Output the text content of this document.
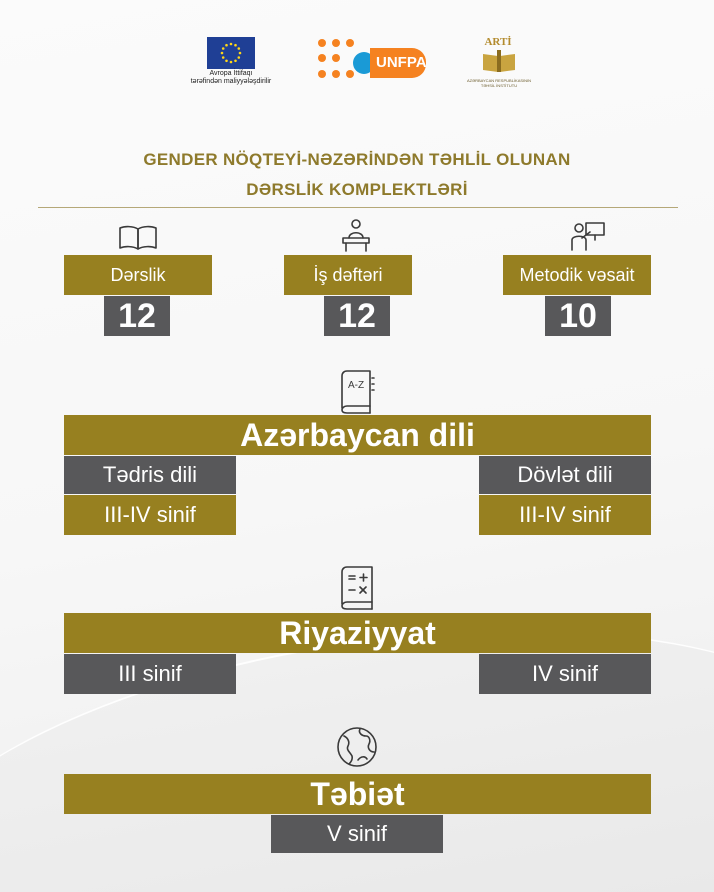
Avropa İttifaqı
tərəfindən maliyyələşdirilir
UNFPA
ARTİ
AZƏRBAYCAN RESPUBLİKASININ TƏHSİL İNSTİTUTU
GENDER NÖQTEYİ-NƏZƏRİNDƏN TƏHLİL OLUNAN
DƏRSLİK KOMPLEKTLƏRİ
Dərslik
12
İş dəftəri
12
Metodik vəsait
10
A-Z
Azərbaycan dili
Tədris dili
III-IV sinif
Dövlət dili
III-IV sinif
Riyaziyyat
III sinif	IV sinif
Təbiət
V sinif
